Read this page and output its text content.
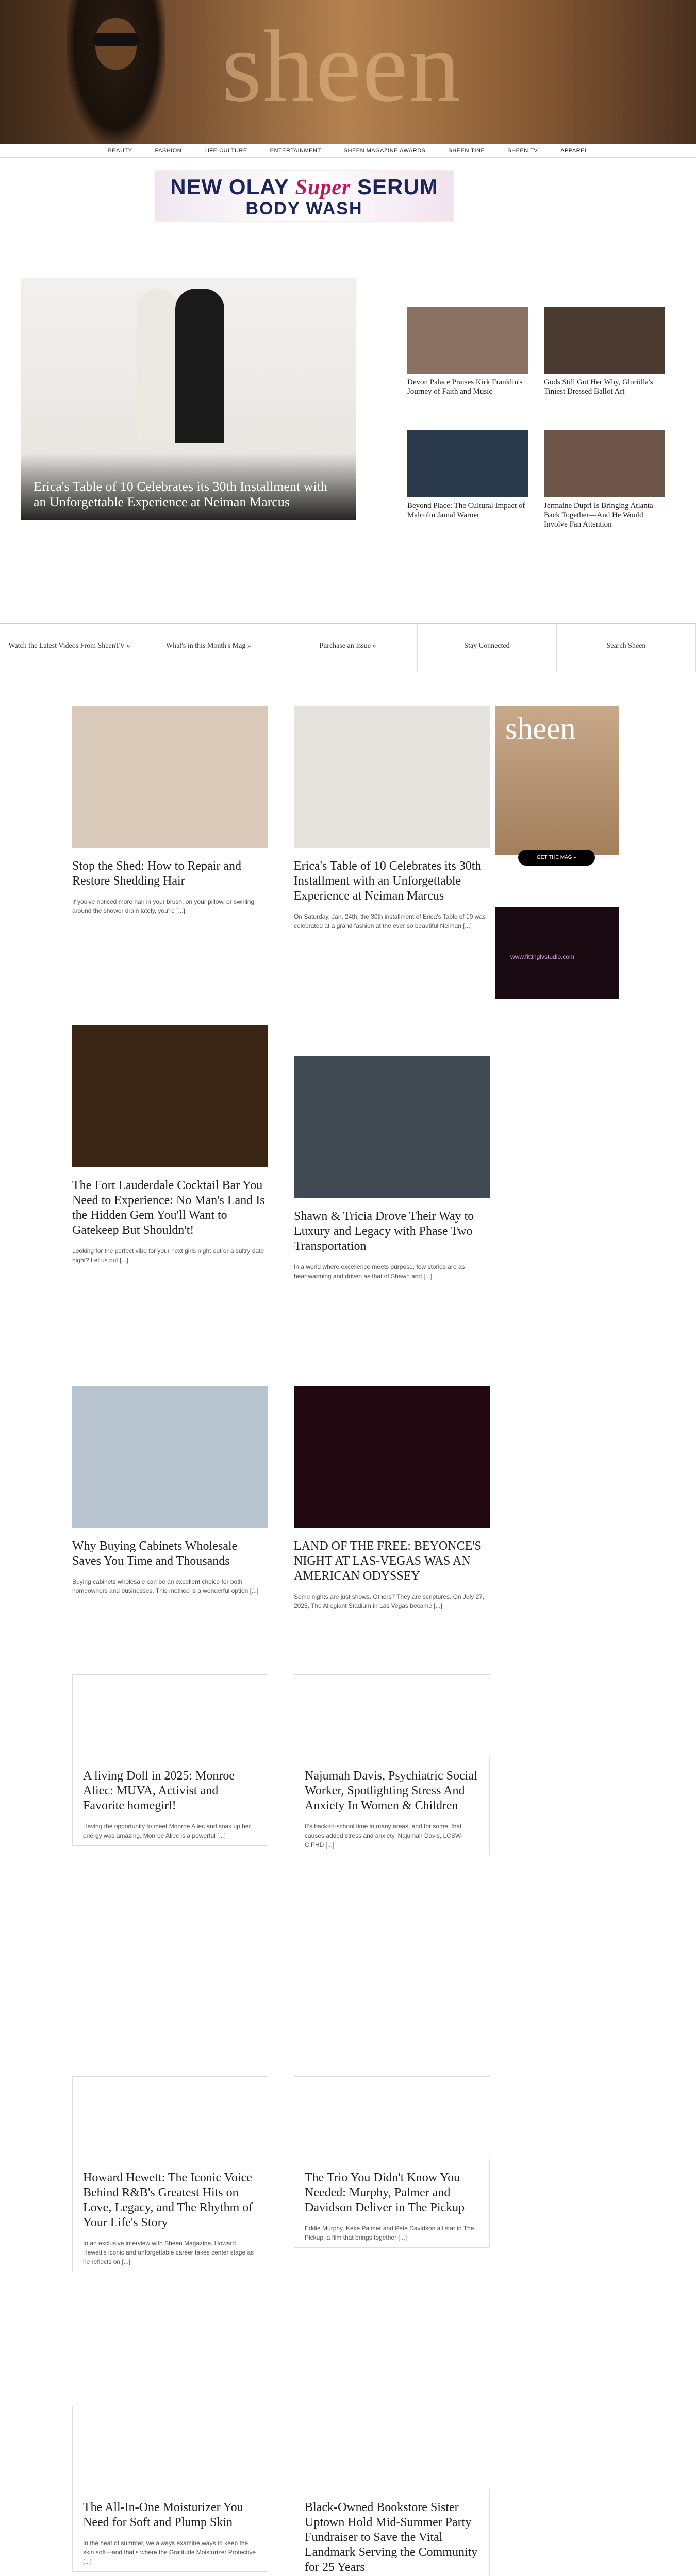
sheen
BEAUTY	FASHION	LIFE CULTURE	ENTERTAINMENT	SHEEN MAGAZINE AWARDS	SHEEN TINE	SHEEN TV	APPAREL
NEW OLAY Super SERUM
BODY WASH
Erica's Table of 10 Celebrates its 30th Installment with an Unforgettable Experience at Neiman Marcus
Devon Palace Praises Kirk Franklin's Journey of Faith and Music
Gods Still Got Her Why, Gloriilla's Tiniest Dressed Ballot Art
Beyond Place: The Cultural Impact of Malcolm Jamal Warner
Jermaine Dupri Is Bringing Atlanta Back Together—And He Would Involve Fan Attention
Watch the Latest Videos From SheenTV »	What's in this Month's Mag »	Purchase an Issue »	Stay Connected	Search Sheen
Stop the Shed: How to Repair and Restore Shedding Hair
If you've noticed more hair in your brush, on your pillow, or swirling around the shower drain lately, you're [...]
Erica's Table of 10 Celebrates its 30th Installment with an Unforgettable Experience at Neiman Marcus
On Saturday, Jan. 24th, the 30th installment of Erica's Table of 10 was celebrated at a grand fashion at the ever so beautiful Neiman [...]
The Fort Lauderdale Cocktail Bar You Need to Experience: No Man's Land Is the Hidden Gem You'll Want to Gatekeep But Shouldn't!
Looking for the perfect vibe for your next girls night out or a sultry date night? Let us put [...]
Shawn & Tricia Drove Their Way to Luxury and Legacy with Phase Two Transportation
In a world where excellence meets purpose, few stories are as heartwarming and driven as that of Shawn and [...]
Why Buying Cabinets Wholesale Saves You Time and Thousands
Buying cabinets wholesale can be an excellent choice for both homeowners and businesses. This method is a wonderful option [...]
LAND OF THE FREE: BEYONCE'S NIGHT AT LAS-VEGAS WAS AN AMERICAN ODYSSEY
Some nights are just shows. Others? They are scriptures. On July 27, 2025, The Allegiant Stadium in Las Vegas became [...]
A living Doll in 2025: Monroe Aliec: MUVA, Activist and Favorite homegirl!
Having the opportunity to meet Monroe Aliec and soak up her energy was amazing. Monroe Aliec is a powerful [...]
Najumah Davis, Psychiatric Social Worker, Spotlighting Stress And Anxiety In Women & Children
It's back-to-school time in many areas, and for some, that causes added stress and anxiety. Najumah Davis, LCSW-C,PHD [...]
Howard Hewett: The Iconic Voice Behind R&B's Greatest Hits on Love, Legacy, and The Rhythm of Your Life's Story
In an exclusive interview with Sheen Magazine, Howard Hewett's iconic and unforgettable career takes center stage as he reflects on [...]
The Trio You Didn't Know You Needed: Murphy, Palmer and Davidson Deliver in The Pickup
Eddie Murphy, Keke Palmer and Pete Davidson all star in The Pickup, a film that brings together [...]
The All-In-One Moisturizer You Need for Soft and Plump Skin
In the heat of summer, we always examine ways to keep the skin soft—and that's where the Gratitude Moisturizer Protective [...]
Black-Owned Bookstore Sister Uptown Hold Mid-Summer Party Fundraiser to Save the Vital Landmark Serving the Community for 25 Years
sheen
GET THE MAG »
www.fittinglvstudio.com
